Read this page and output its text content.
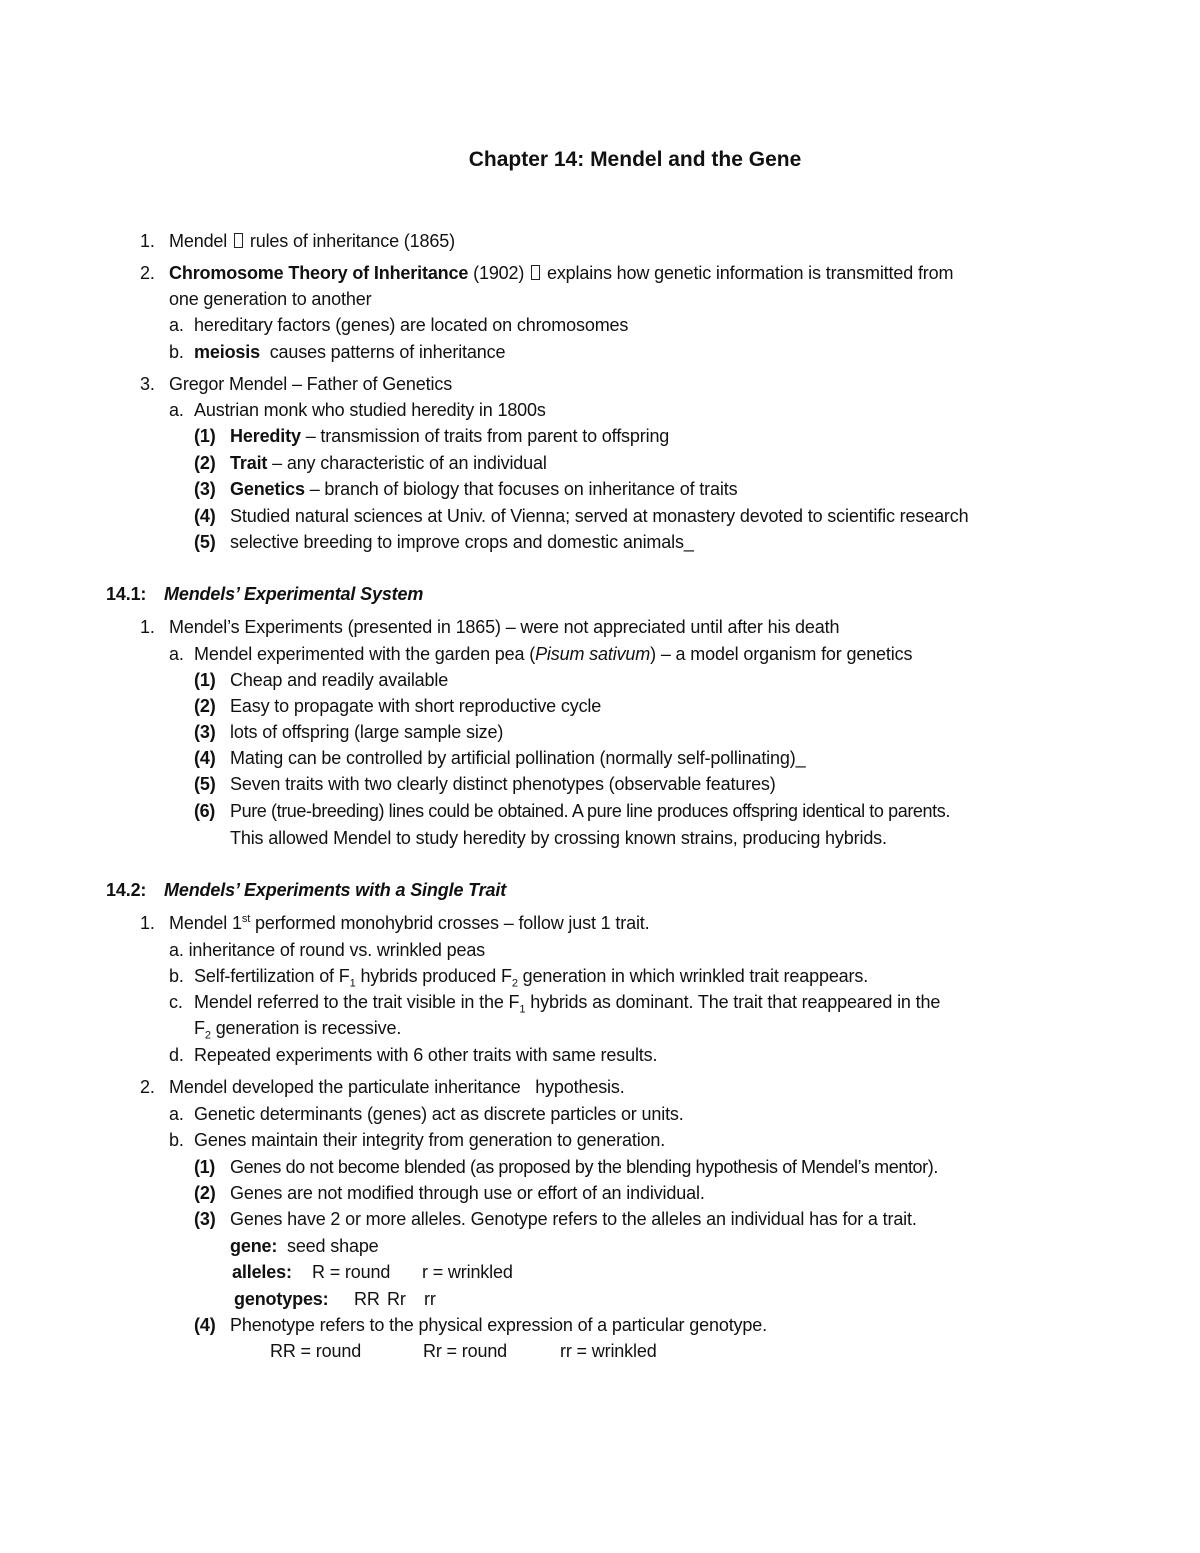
Chapter 14: Mendel and the Gene
1. Mendel rules of inheritance (1865)
2. Chromosome Theory of Inheritance (1902) explains how genetic information is transmitted from
one generation to another
a. hereditary factors (genes) are located on chromosomes
b. meiosis causes patterns of inheritance
3. Gregor Mendel – Father of Genetics
a. Austrian monk who studied heredity in 1800s
(1) Heredity – transmission of traits from parent to offspring
(2) Trait – any characteristic of an individual
(3) Genetics – branch of biology that focuses on inheritance of traits
(4) Studied natural sciences at Univ. of Vienna; served at monastery devoted to scientific research
(5) selective breeding to improve crops and domestic animals_
14.1: Mendels’ Experimental System
1. Mendel’s Experiments (presented in 1865) – were not appreciated until after his death
a. Mendel experimented with the garden pea (Pisum sativum) – a model organism for genetics
(1) Cheap and readily available
(2) Easy to propagate with short reproductive cycle
(3) lots of offspring (large sample size)
(4) Mating can be controlled by artificial pollination (normally self-pollinating)_
(5) Seven traits with two clearly distinct phenotypes (observable features)
(6) Pure (true-breeding) lines could be obtained. A pure line produces offspring identical to parents.
This allowed Mendel to study heredity by crossing known strains, producing hybrids.
14.2: Mendels’ Experiments with a Single Trait
1. Mendel 1st performed monohybrid crosses – follow just 1 trait.
a. inheritance of round vs. wrinkled peas
b. Self-fertilization of $F_1$ hybrids produced $F_2$ generation in which wrinkled trait reappears.
c. Mendel referred to the trait visible in the $F_1$ hybrids as dominant. The trait that reappeared in the
$F_2$ generation is recessive.
d. Repeated experiments with 6 other traits with same results.
2. Mendel developed the particulate inheritance   hypothesis.
a. Genetic determinants (genes) act as discrete particles or units.
b. Genes maintain their integrity from generation to generation.
(1) Genes do not become blended (as proposed by the blending hypothesis of Mendel’s mentor).
(2) Genes are not modified through use or effort of an individual.
(3) Genes have 2 or more alleles. Genotype refers to the alleles an individual has for a trait.
gene: seed shape
alleles: R = round r = wrinkled
genotypes: RR Rr rr
(4) Phenotype refers to the physical expression of a particular genotype.
RR = round	Rr = round	rr = wrinkled
